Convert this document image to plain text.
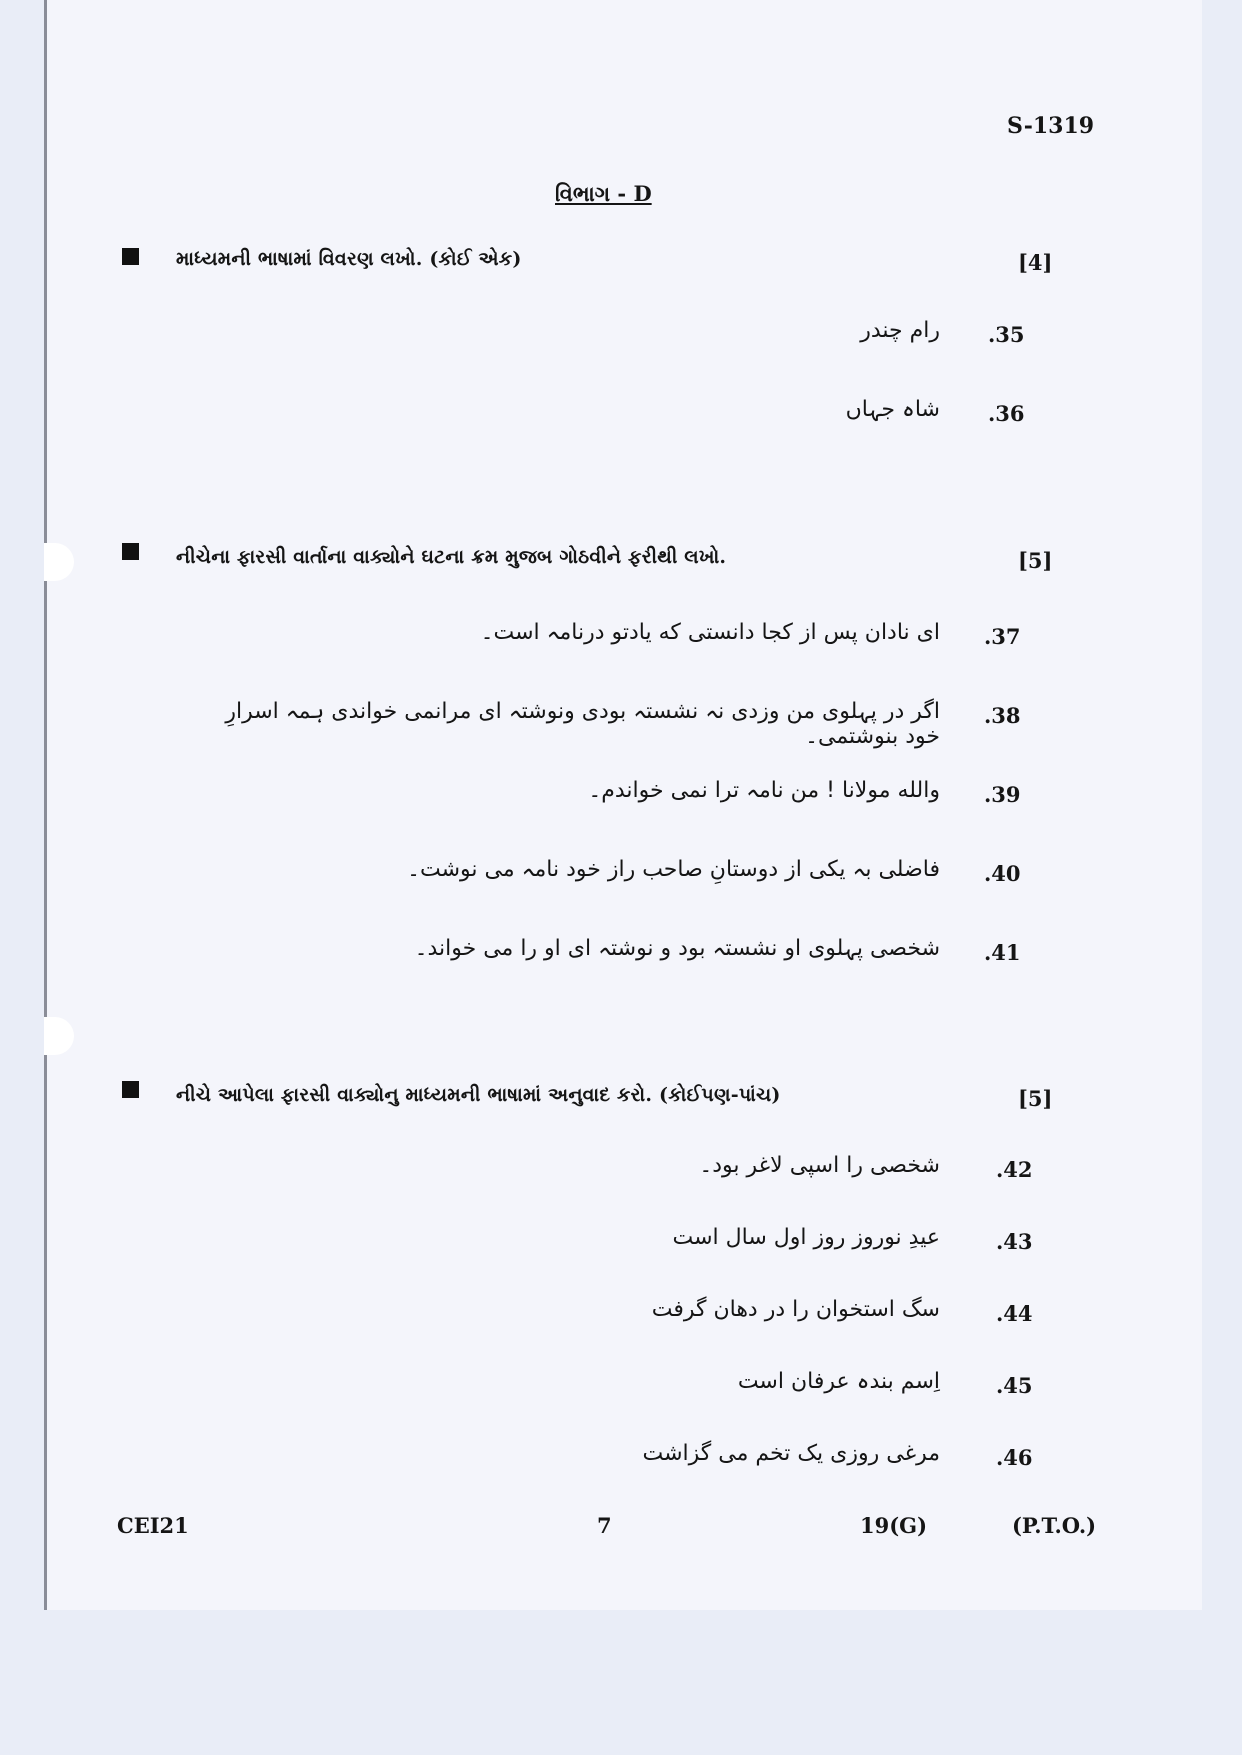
S-1319
વિભાગ - D
માધ્યમની ભાષામાં વિવરણ લખો. (કોઈ એક)	[4]
.35
رام چندر
.36
شاہ جہاں
નીચેના ફારસી વાર્તાના વાક્યોને ઘટના ક્રમ મુજબ ગોઠવીને ફરીથી લખો.	[5]
.37
ای نادان پس از کجا دانستی که یادتو درنامہ است۔
.38
اگر در پہلوی من وزدی نہ نشستہ بودی ونوشتہ ای مرانمی خواندی ہمہ اسرارِ خود بنوشتمی۔
.39
والله مولانا ! من نامہ ترا نمی خواندم۔
.40
فاضلی بہ یکی از دوستانِ صاحب راز خود نامہ می نوشت۔
.41
شخصی پہلوی او نشستہ بود و نوشتہ ای او را می خواند۔
નીચે આપેલા ફારસી વાક્યોનુ માધ્યમની ભાષામાં અનુવાદ કરો. (કોઈપણ-પાંચ)	[5]
.42
شخصی را اسپی لاغر بود۔
.43
عیدِ نوروز روز اول سال است
.44
سگ استخوان را در دھان گرفت
.45
اِسم بندہ عرفان است
.46
مرغی روزی یک تخم می گزاشت
CEI21	7	19(G)	(P.T.O.)
